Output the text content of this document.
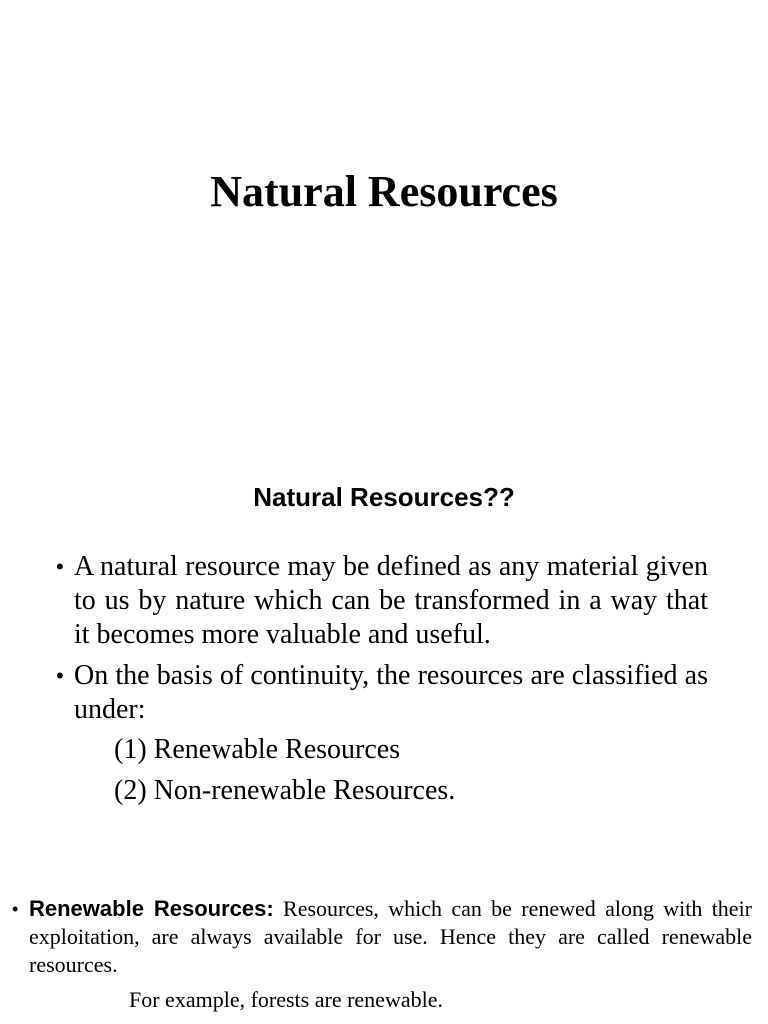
Natural Resources
Natural Resources??
• A natural resource may be defined as any material given to us by nature which can be transformed in a way that it becomes more valuable and useful.
• On the basis of continuity, the resources are classified as under:
(1) Renewable Resources
(2) Non-renewable Resources.
• Renewable Resources: Resources, which can be renewed along with their exploitation, are always available for use. Hence they are called renewable resources.
For example, forests are renewable.
